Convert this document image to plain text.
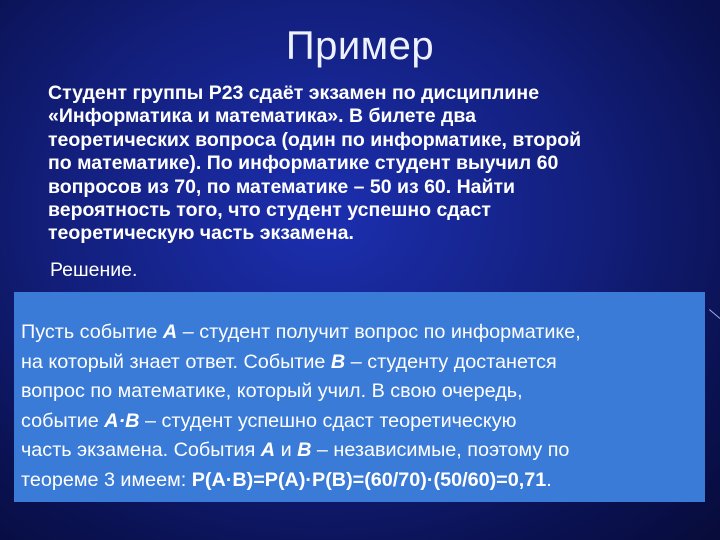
Пример
Студент группы Р23 сдаёт экзамен по дисциплине
«Информатика и математика». В билете два
теоретических вопроса (один по информатике, второй
по математике). По информатике студент выучил 60
вопросов из 70, по математике – 50 из 60. Найти
вероятность того, что студент успешно сдаст
теоретическую часть экзамена.

Решение.

Пусть событие А – студент получит вопрос по информатике,
на который знает ответ. Событие В – студенту достанется
вопрос по математике, который учил. В свою очередь,
событие А·В – студент успешно сдаст теоретическую
часть экзамена. События А и В – независимые, поэтому по
теореме 3 имеем: P(A·B)=P(A)·P(B)=(60/70)·(50/60)=0,71.
